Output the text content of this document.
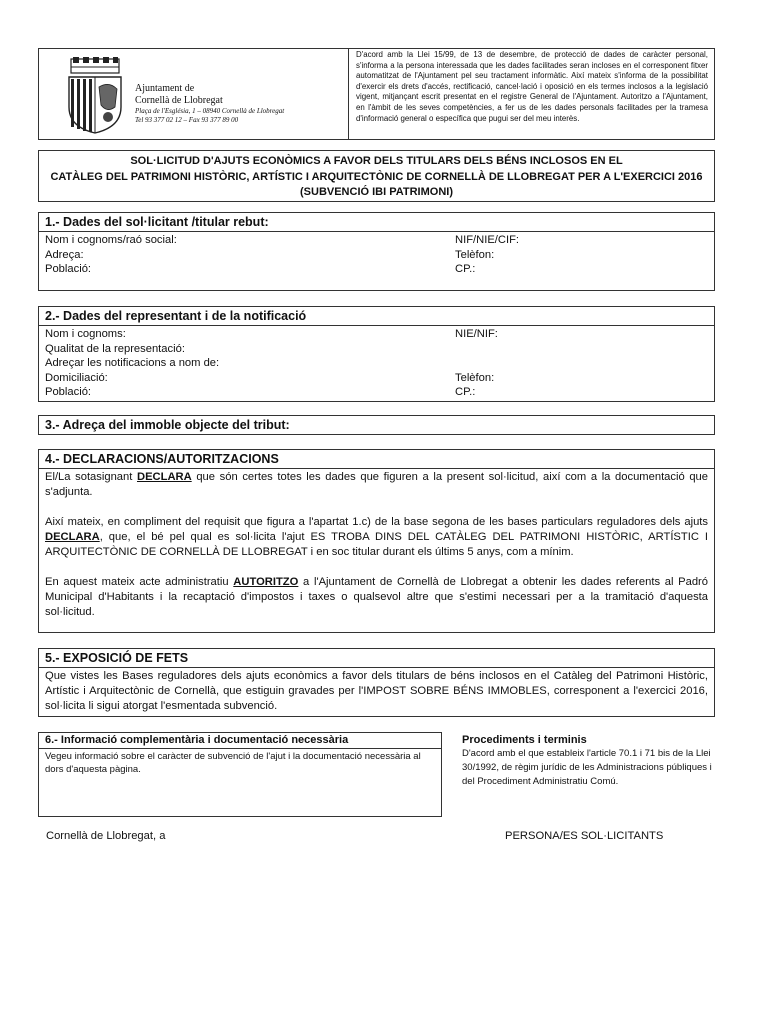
Ajuntament de
Cornellà de Llobregat
Plaça de l'Església, 1 – 08940 Cornellà de Llobregat
Tel 93 377 02 12 – Fax 93 377 89 00
D'acord amb la Llei 15/99, de 13 de desembre, de protecció de dades de caràcter personal, s'informa a la persona interessada que les dades facilitades seran incloses en el corresponent fitxer automatitzat de l'Ajuntament pel seu tractament informàtic. Així mateix s'informa de la possibilitat d'exercir els drets d'accés, rectificació, cancel·lació i oposició en els termes inclosos a la legislació vigent, mitjançant escrit presentat en el registre General de l'Ajuntament. Autoritzo a l'Ajuntament, en l'àmbit de les seves competències, a fer us de les dades personals facilitades per la tramesa d'informació general o específica que pugui ser del meu interès.
SOL·LICITUD D'AJUTS ECONÒMICS A FAVOR DELS TITULARS DELS BÉNS INCLOSOS EN EL
CATÀLEG DEL PATRIMONI HISTÒRIC, ARTÍSTIC I ARQUITECTÒNIC DE CORNELLÀ DE LLOBREGAT PER A L'EXERCICI 2016
(SUBVENCIÓ IBI PATRIMONI)
1.- Dades del sol·licitant /titular rebut:
Nom i cognoms/raó social:	NIF/NIE/CIF:
Adreça:	Telèfon:
Població:	CP.:
2.- Dades del representant i de la notificació
Nom i cognoms:	NIE/NIF:
Qualitat de la representació:
Adreçar les notificacions a nom de:
Domiciliació:	Telèfon:
Població:	CP.:
3.- Adreça del immoble objecte del tribut:
4.- DECLARACIONS/AUTORITZACIONS

El/La sotasignant DECLARA que són certes totes les dades que figuren a la present sol·licitud, així com a la documentació que s'adjunta.

Així mateix, en compliment del requisit que figura a l'apartat 1.c) de la base segona de les bases particulars reguladores dels ajuts DECLARA, que, el bé pel qual es sol·licita l'ajut ES TROBA DINS DEL CATÀLEG DEL PATRIMONI HISTÒRIC, ARTÍSTIC I ARQUITECTÒNIC DE CORNELLÀ DE LLOBREGAT i en soc titular durant els últims 5 anys, com a mínim.

En aquest mateix acte administratiu AUTORITZO a l'Ajuntament de Cornellà de Llobregat a obtenir les dades referents al Padró Municipal d'Habitants i la recaptació d'impostos i taxes o qualsevol altre que s'estimi necessari per a la tramitació d'aquesta sol·licitud.

5.- EXPOSICIÓ DE FETS

Que vistes les Bases reguladores dels ajuts econòmics a favor dels titulars de béns inclosos en el Catàleg del Patrimoni Històric, Artístic i Arquitectònic de Cornellà, que estiguin gravades per l'IMPOST SOBRE BÉNS IMMOBLES, corresponent a l'exercici 2016, sol·licita li sigui atorgat l'esmentada subvenció.

6.- Informació complementària i documentació necessària
Vegeu informació sobre el caràcter de subvenció de l'ajut i la documentació necessària al dors d'aquesta pàgina.
Procediments i terminis
D'acord amb el que estableix l'article 70.1 i 71 bis de la Llei 30/1992, de règim jurídic de les Administracions públiques i del Procediment Administratiu Comú.
Cornellà de Llobregat, a	PERSONA/ES SOL·LICITANTS
